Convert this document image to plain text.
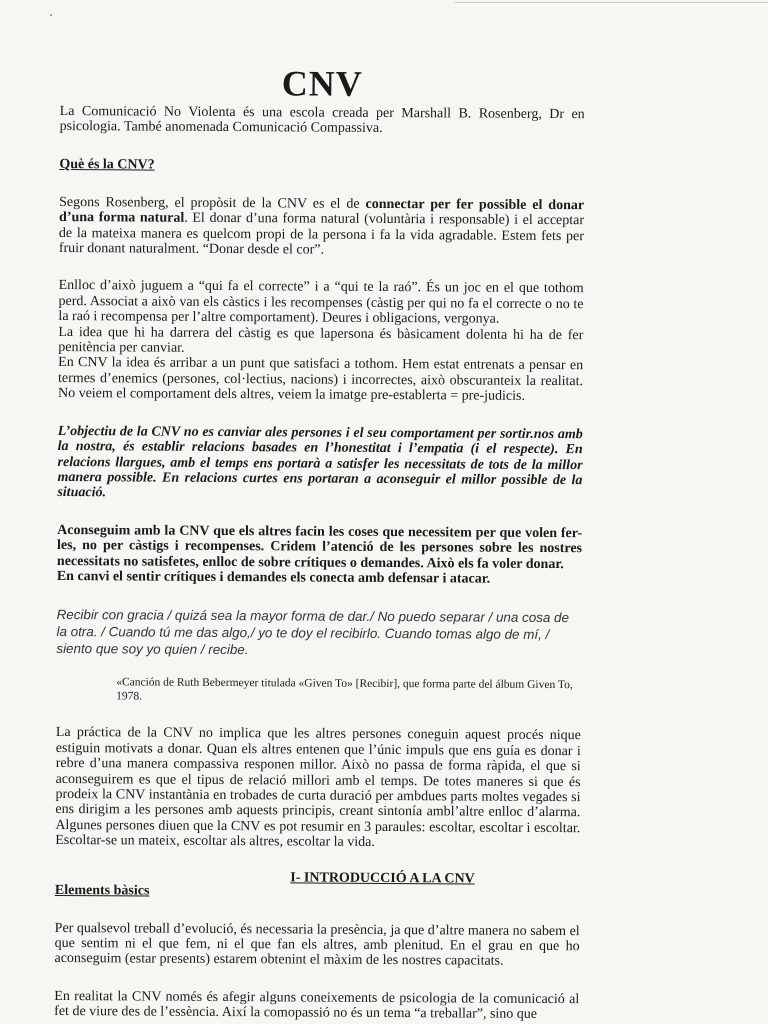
CNV

La Comunicació No Violenta és una escola creada per Marshall B. Rosenberg, Dr en psicologia. També anomenada Comunicació Compassiva.

Què és la CNV?

Segons Rosenberg, el propòsit de la CNV es el de connectar per fer possible el donar d’una forma natural. El donar d’una forma natural (voluntària i responsable) i el acceptar de la mateixa manera es quelcom propi de la persona i fa la vida agradable. Estem fets per fruir donant naturalment. “Donar desde el cor”.

Enlloc d’això juguem a “qui fa el correcte” i a “qui te la raó”. És un joc en el que tothom perd. Associat a això van els càstics i les recompenses (càstig per qui no fa el correcte o no te la raó i recompensa per l’altre comportament). Deures i obligacions, vergonya.

La idea que hi ha darrera del càstig es que lapersona és bàsicament dolenta hi ha de fer penitència per canviar.

En CNV la idea és arribar a un punt que satisfaci a tothom. Hem estat entrenats a pensar en termes d’enemics (persones, col·lectius, nacions) i incorrectes, això obscuranteix la realitat. No veiem el comportament dels altres, veiem la imatge pre-establerta = pre-judicis.

L’objectiu de la CNV no es canviar ales persones i el seu comportament per sortir.nos amb la nostra, és establir relacions basades en l’honestitat i l’empatia (i el respecte). En relacions llargues, amb el temps ens portarà a satisfer les necessitats de tots de la millor manera possible. En relacions curtes ens portaran a aconseguir el millor possible de la situació.

Aconseguim amb la CNV que els altres facin les coses que necessitem per que volen fer-les, no per càstigs i recompenses. Cridem l’atenció de les persones sobre les nostres necessitats no satisfetes, enlloc de sobre crítiques o demandes. Això els fa voler donar.

En canvi el sentir crítiques i demandes els conecta amb defensar i atacar.

Recibir con gracia / quizá sea la mayor forma de dar./ No puedo separar / una cosa de la otra. / Cuando tú me das algo,/ yo te doy el recibirlo. Cuando tomas algo de mí, / siento que soy yo quien / recibe.

«Canción de Ruth Bebermeyer titulada «Given To» [Recibir], que forma parte del álbum Given To, 1978.

La práctica de la CNV no implica que les altres persones coneguin aquest procés nique estiguin motivats a donar. Quan els altres entenen que l’únic impuls que ens guía es donar i rebre d’una manera compassiva responen millor. Això no passa de forma ràpida, el que si aconseguirem es que el tipus de relació millori amb el temps. De totes maneres si que és prodeix la CNV instantània en trobades de curta duració per ambdues parts moltes vegades si ens dirigim a les persones amb aquests principis, creant sintonía ambl’altre enlloc d’alarma. Algunes persones diuen que la CNV es pot resumir en 3 paraules: escoltar, escoltar i escoltar. Escoltar-se un mateix, escoltar als altres, escoltar la vida.

I- INTRODUCCIÓ A LA CNV
Elements bàsics

Per qualsevol treball d’evolució, és necessaria la presència, ja que d’altre manera no sabem el que sentim ni el que fem, ni el que fan els altres, amb plenitud. En el grau en que ho aconseguim (estar presents) estarem obtenint el màxim de les nostres capacitats.

En realitat la CNV només és afegir alguns coneixements de psicologia de la comunicació al fet de viure des de l’essència. Així la comopassió no és un tema “a treballar”, sino que
